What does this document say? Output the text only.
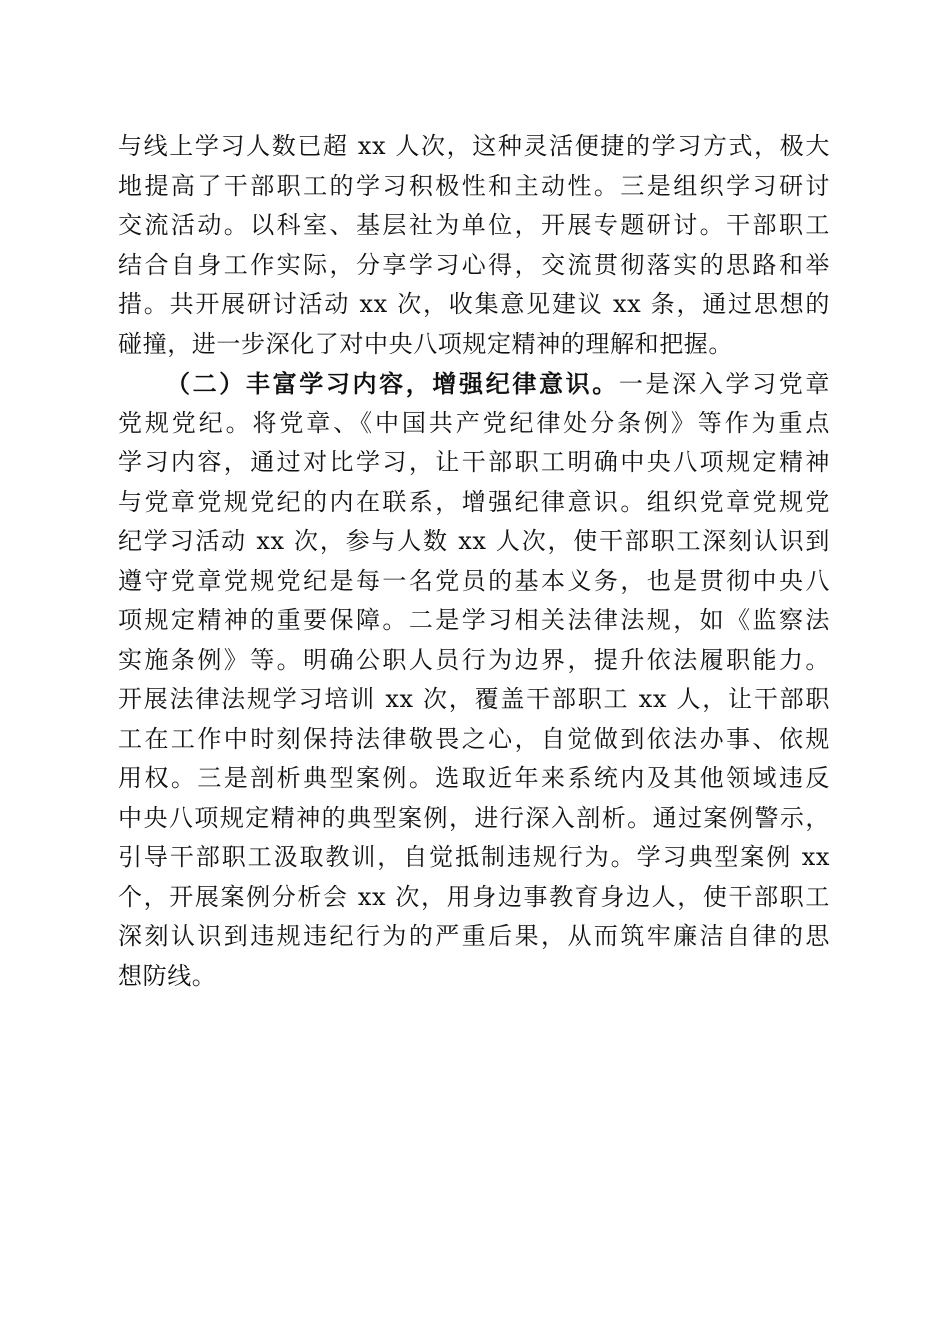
与线上学习人数已超 xx 人次，这种灵活便捷的学习方式，极大
地提高了干部职工的学习积极性和主动性。三是组织学习研讨
交流活动。以科室、基层社为单位，开展专题研讨。干部职工
结合自身工作实际，分享学习心得，交流贯彻落实的思路和举
措。共开展研讨活动 xx 次，收集意见建议 xx 条，通过思想的
碰撞，进一步深化了对中央八项规定精神的理解和把握。
（二）丰富学习内容，增强纪律意识。一是深入学习党章
党规党纪。将党章、《中国共产党纪律处分条例》等作为重点
学习内容，通过对比学习，让干部职工明确中央八项规定精神
与党章党规党纪的内在联系，增强纪律意识。组织党章党规党
纪学习活动 xx 次，参与人数 xx 人次，使干部职工深刻认识到
遵守党章党规党纪是每一名党员的基本义务，也是贯彻中央八
项规定精神的重要保障。二是学习相关法律法规，如《监察法
实施条例》等。明确公职人员行为边界，提升依法履职能力。
开展法律法规学习培训 xx 次，覆盖干部职工 xx 人，让干部职
工在工作中时刻保持法律敬畏之心，自觉做到依法办事、依规
用权。三是剖析典型案例。选取近年来系统内及其他领域违反
中央八项规定精神的典型案例，进行深入剖析。通过案例警示，
引导干部职工汲取教训，自觉抵制违规行为。学习典型案例 xx
个，开展案例分析会 xx 次，用身边事教育身边人，使干部职工
深刻认识到违规违纪行为的严重后果，从而筑牢廉洁自律的思
想防线。
